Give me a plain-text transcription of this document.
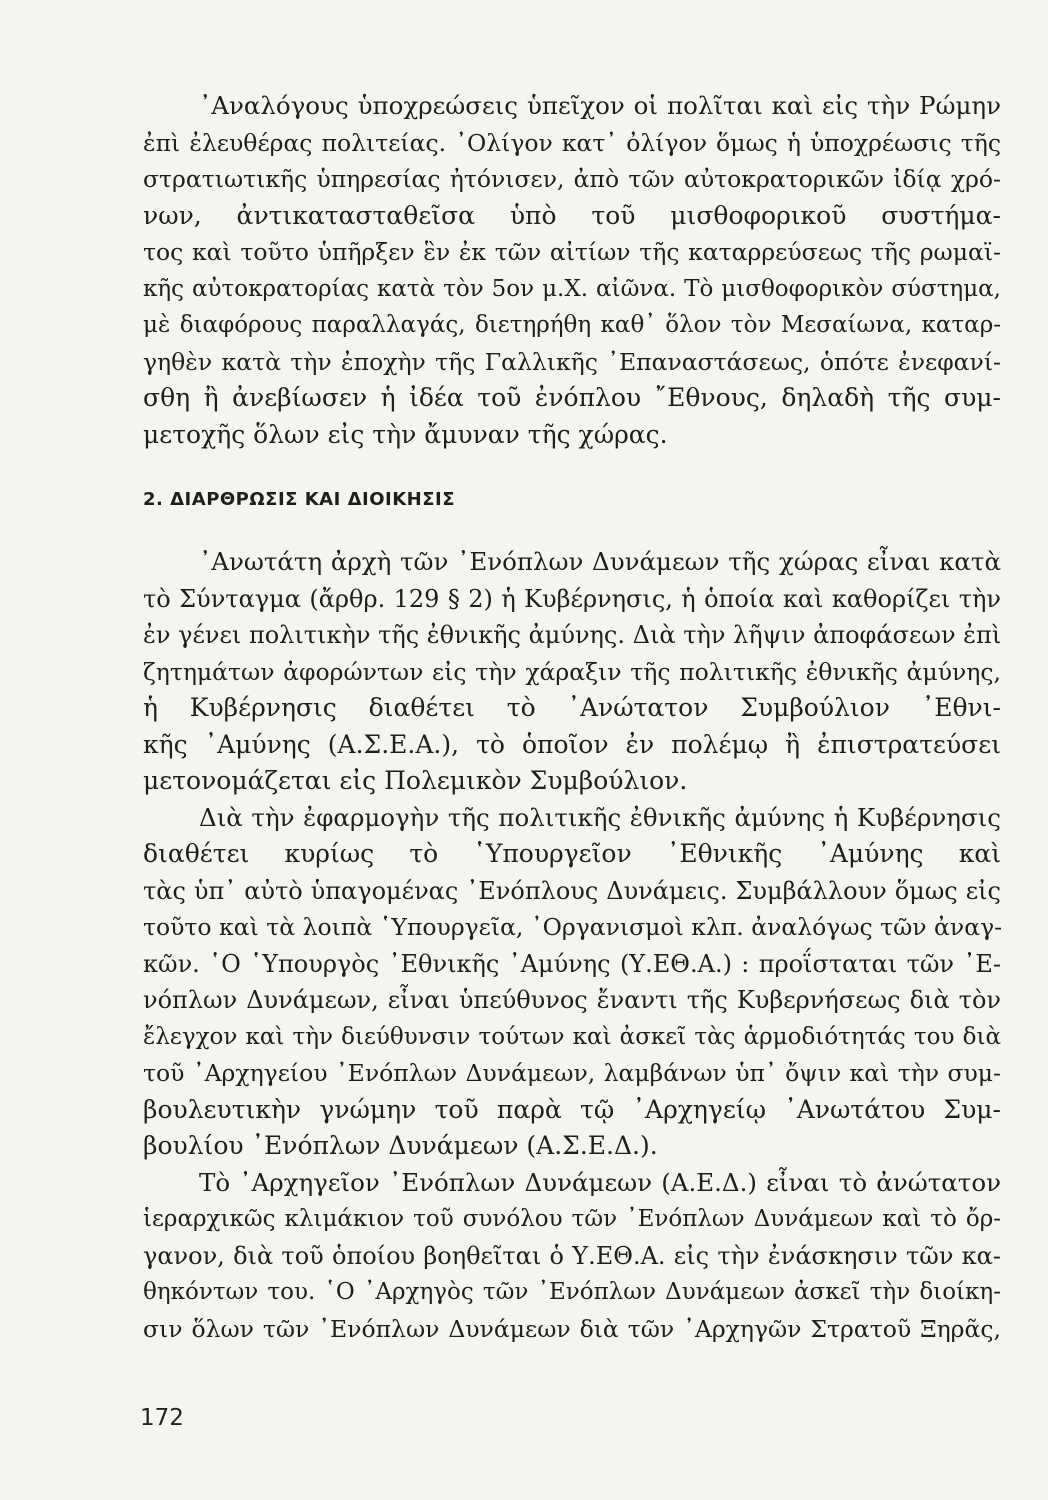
᾽Αναλόγους ὑποχρεώσεις ὑπεῖχον οἱ πολῖται καὶ εἰς τὴν Ρώμην
ἐπὶ ἐλευθέρας πολιτείας. ᾽Ολίγον κατ᾽ ὀλίγον ὅμως ἡ ὑποχρέωσις τῆς
στρατιωτικῆς ὑπηρεσίας ἠτόνισεν, ἀπὸ τῶν αὐτοκρατορικῶν ἰδίᾳ χρό-
νων, ἀντικατασταθεῖσα ὑπὸ τοῦ μισθοφορικοῦ συστήμα-
τος καὶ τοῦτο ὑπῆρξεν ἓν ἐκ τῶν αἰτίων τῆς καταρρεύσεως τῆς ρωμαϊ-
κῆς αὐτοκρατορίας κατὰ τὸν 5ον μ.Χ. αἰῶνα. Τὸ μισθοφορικὸν σύστημα,
μὲ διαφόρους παραλλαγάς, διετηρήθη καθ᾽ ὅλον τὸν Μεσαίωνα, καταρ-
γηθὲν κατὰ τὴν ἐποχὴν τῆς Γαλλικῆς ᾽Επαναστάσεως, ὁπότε ἐνεφανί-
σθη ἢ ἀνεβίωσεν ἡ ἰδέα τοῦ ἐνόπλου ῎Εθνους, δηλαδὴ τῆς συμ-
μετοχῆς ὅλων εἰς τὴν ἄμυναν τῆς χώρας.
2. ΔΙΑΡΘΡΩΣΙΣ ΚΑΙ ΔΙΟΙΚΗΣΙΣ
᾽Ανωτάτη ἀρχὴ τῶν ᾽Ενόπλων Δυνάμεων τῆς χώρας εἶναι κατὰ
τὸ Σύνταγμα (ἄρθρ. 129 § 2) ἡ Κυβέρνησις, ἡ ὁποία καὶ καθορίζει τὴν
ἐν γένει πολιτικὴν τῆς ἐθνικῆς ἀμύνης. Διὰ τὴν λῆψιν ἀποφάσεων ἐπὶ
ζητημάτων ἀφορώντων εἰς τὴν χάραξιν τῆς πολιτικῆς ἐθνικῆς ἀμύνης,
ἡ Κυβέρνησις διαθέτει τὸ ᾽Ανώτατον Συμβούλιον ᾽Εθνι-
κῆς ᾽Αμύνης (Α.Σ.Ε.Α.), τὸ ὁποῖον ἐν πολέμῳ ἢ ἐπιστρατεύσει
μετονομάζεται εἰς Πολεμικὸν Συμβούλιον.
Διὰ τὴν ἐφαρμογὴν τῆς πολιτικῆς ἐθνικῆς ἀμύνης ἡ Κυβέρνησις
διαθέτει κυρίως τὸ ῾Υπουργεῖον ᾽Εθνικῆς ᾽Αμύνης καὶ
τὰς ὑπ᾽ αὐτὸ ὑπαγομένας ᾽Ενόπλους Δυνάμεις. Συμβάλλουν ὅμως εἰς
τοῦτο καὶ τὰ λοιπὰ ῾Υπουργεῖα, ᾽Οργανισμοὶ κλπ. ἀναλόγως τῶν ἀναγ-
κῶν. ῾Ο ῾Υπουργὸς ᾽Εθνικῆς ᾽Αμύνης (Υ.ΕΘ.Α.) : προΐσταται τῶν ᾽Ε-
νόπλων Δυνάμεων, εἶναι ὑπεύθυνος ἔναντι τῆς Κυβερνήσεως διὰ τὸν
ἔλεγχον καὶ τὴν διεύθυνσιν τούτων καὶ ἀσκεῖ τὰς ἁρμοδιότητάς του διὰ
τοῦ ᾽Αρχηγείου ᾽Ενόπλων Δυνάμεων, λαμβάνων ὑπ᾽ ὄψιν καὶ τὴν συμ-
βουλευτικὴν γνώμην τοῦ παρὰ τῷ ᾽Αρχηγείῳ ᾽Ανωτάτου Συμ-
βουλίου ᾽Ενόπλων Δυνάμεων (Α.Σ.Ε.Δ.).
Τὸ ᾽Αρχηγεῖον ᾽Ενόπλων Δυνάμεων (Α.Ε.Δ.) εἶναι τὸ ἀνώτατον
ἱεραρχικῶς κλιμάκιον τοῦ συνόλου τῶν ᾽Ενόπλων Δυνάμεων καὶ τὸ ὄρ-
γανον, διὰ τοῦ ὁποίου βοηθεῖται ὁ Υ.ΕΘ.Α. εἰς τὴν ἐνάσκησιν τῶν κα-
θηκόντων του. ῾Ο ᾽Αρχηγὸς τῶν ᾽Ενόπλων Δυνάμεων ἀσκεῖ τὴν διοίκη-
σιν ὅλων τῶν ᾽Ενόπλων Δυνάμεων διὰ τῶν ᾽Αρχηγῶν Στρατοῦ Ξηρᾶς,
172
